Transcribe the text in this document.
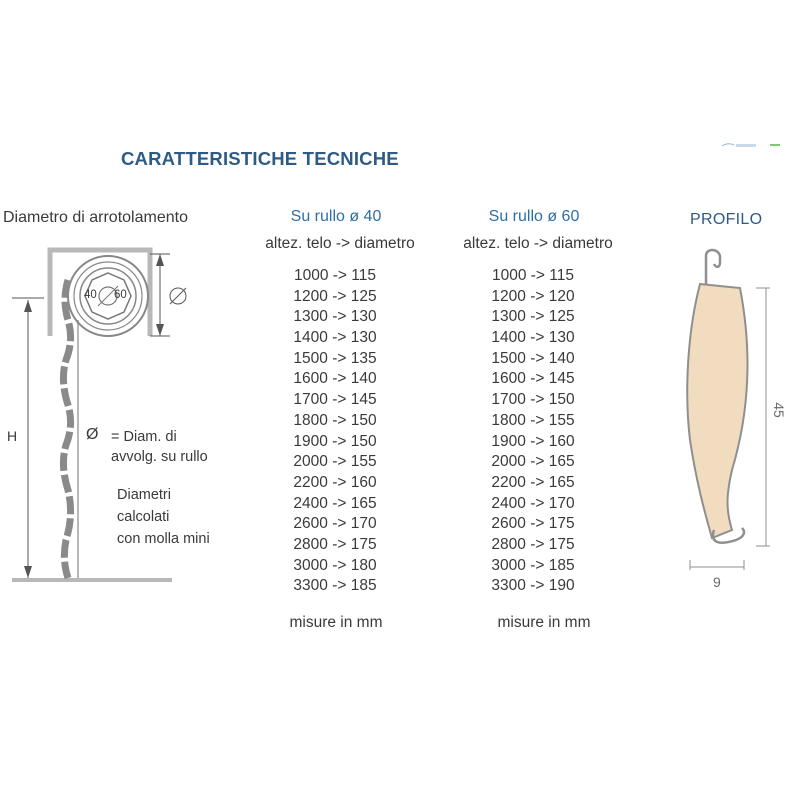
CARATTERISTICHE TECNICHE
Diametro di arrotolamento
40 60
H	Ø = Diam. di
avvolg. su rullo
Diametri
calcolati
con molla mini
Su rullo ø 40
altez. telo -> diametro
1000 -> 115
1200 -> 125
1300 -> 130
1400 -> 130
1500 -> 135
1600 -> 140
1700 -> 145
1800 -> 150
1900 -> 150
2000 -> 155
2200 -> 160
2400 -> 165
2600 -> 170
2800 -> 175
3000 -> 180
3300 -> 185
misure in mm
Su rullo ø 60
altez. telo -> diametro
1000 -> 115
1200 -> 120
1300 -> 125
1400 -> 130
1500 -> 140
1600 -> 145
1700 -> 150
1800 -> 155
1900 -> 160
2000 -> 165
2200 -> 165
2400 -> 170
2600 -> 175
2800 -> 175
3000 -> 185
3300 -> 190
misure in mm
PROFILO
45
9
